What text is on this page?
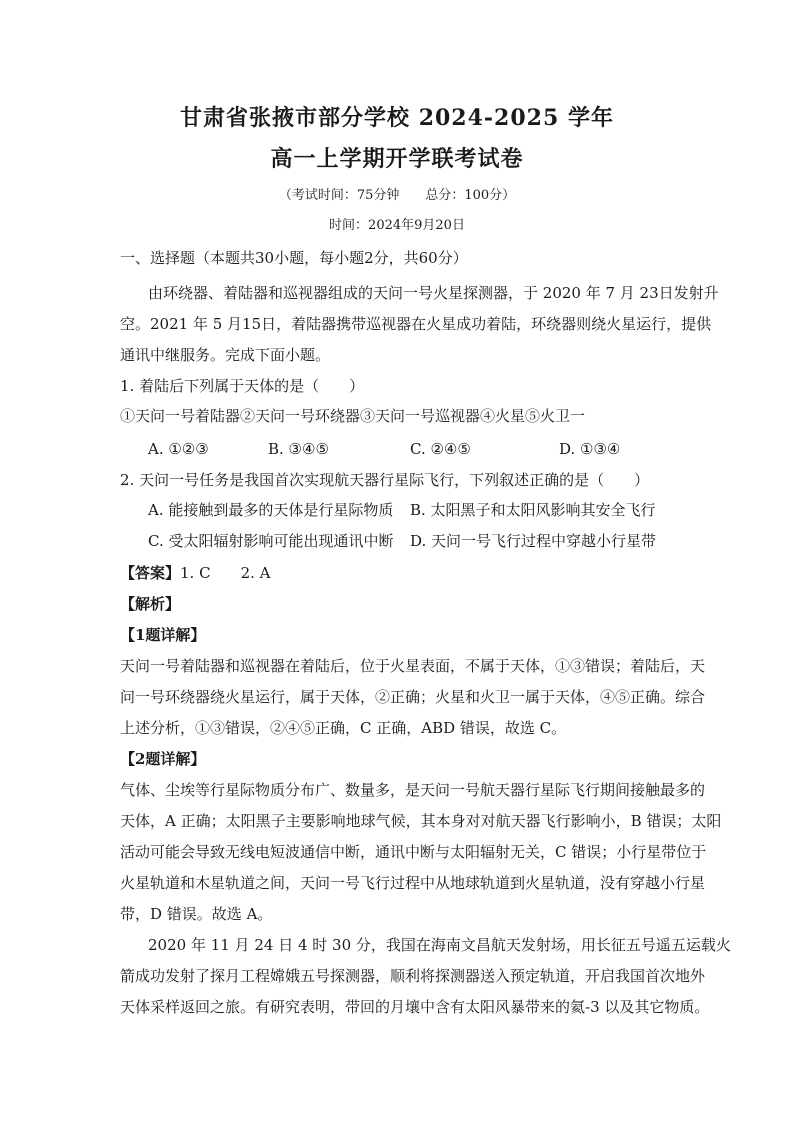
甘肃省张掖市部分学校 2024-2025 学年
高一上学期开学联考试卷
（考试时间：75分钟　　总分：100分）
时间：2024年9月20日
一、选择题（本题共30小题，每小题2分，共60分）
由环绕器、着陆器和巡视器组成的天问一号火星探测器，于 2020 年 7 月 23日发射升
空。2021 年 5 月15日，着陆器携带巡视器在火星成功着陆，环绕器则绕火星运行，提供
通讯中继服务。完成下面小题。
1. 着陆后下列属于天体的是（　　）
①天问一号着陆器②天问一号环绕器③天问一号巡视器④火星⑤火卫一
A. ①②③	B. ③④⑤	C. ②④⑤	D. ①③④
2. 天问一号任务是我国首次实现航天器行星际飞行，下列叙述正确的是（　　）
A. 能接触到最多的天体是行星际物质 B. 太阳黑子和太阳风影响其安全飞行
C. 受太阳辐射影响可能出现通讯中断 D. 天问一号飞行过程中穿越小行星带
【答案】1. C　　2. A
【解析】
【1题详解】
天问一号着陆器和巡视器在着陆后，位于火星表面，不属于天体，①③错误；着陆后，天
问一号环绕器绕火星运行，属于天体，②正确；火星和火卫一属于天体，④⑤正确。综合
上述分析，①③错误，②④⑤正确，C 正确，ABD 错误，故选 C。
【2题详解】
气体、尘埃等行星际物质分布广、数量多，是天问一号航天器行星际飞行期间接触最多的
天体，A 正确；太阳黑子主要影响地球气候，其本身对对航天器飞行影响小，B 错误；太阳
活动可能会导致无线电短波通信中断，通讯中断与太阳辐射无关，C 错误；小行星带位于
火星轨道和木星轨道之间，天问一号飞行过程中从地球轨道到火星轨道，没有穿越小行星
带，D 错误。故选 A。
2020 年 11 月 24 日 4 时 30 分，我国在海南文昌航天发射场，用长征五号遥五运载火
箭成功发射了探月工程嫦娥五号探测器，顺利将探测器送入预定轨道，开启我国首次地外
天体采样返回之旅。有研究表明，带回的月壤中含有太阳风暴带来的氦-3 以及其它物质。
